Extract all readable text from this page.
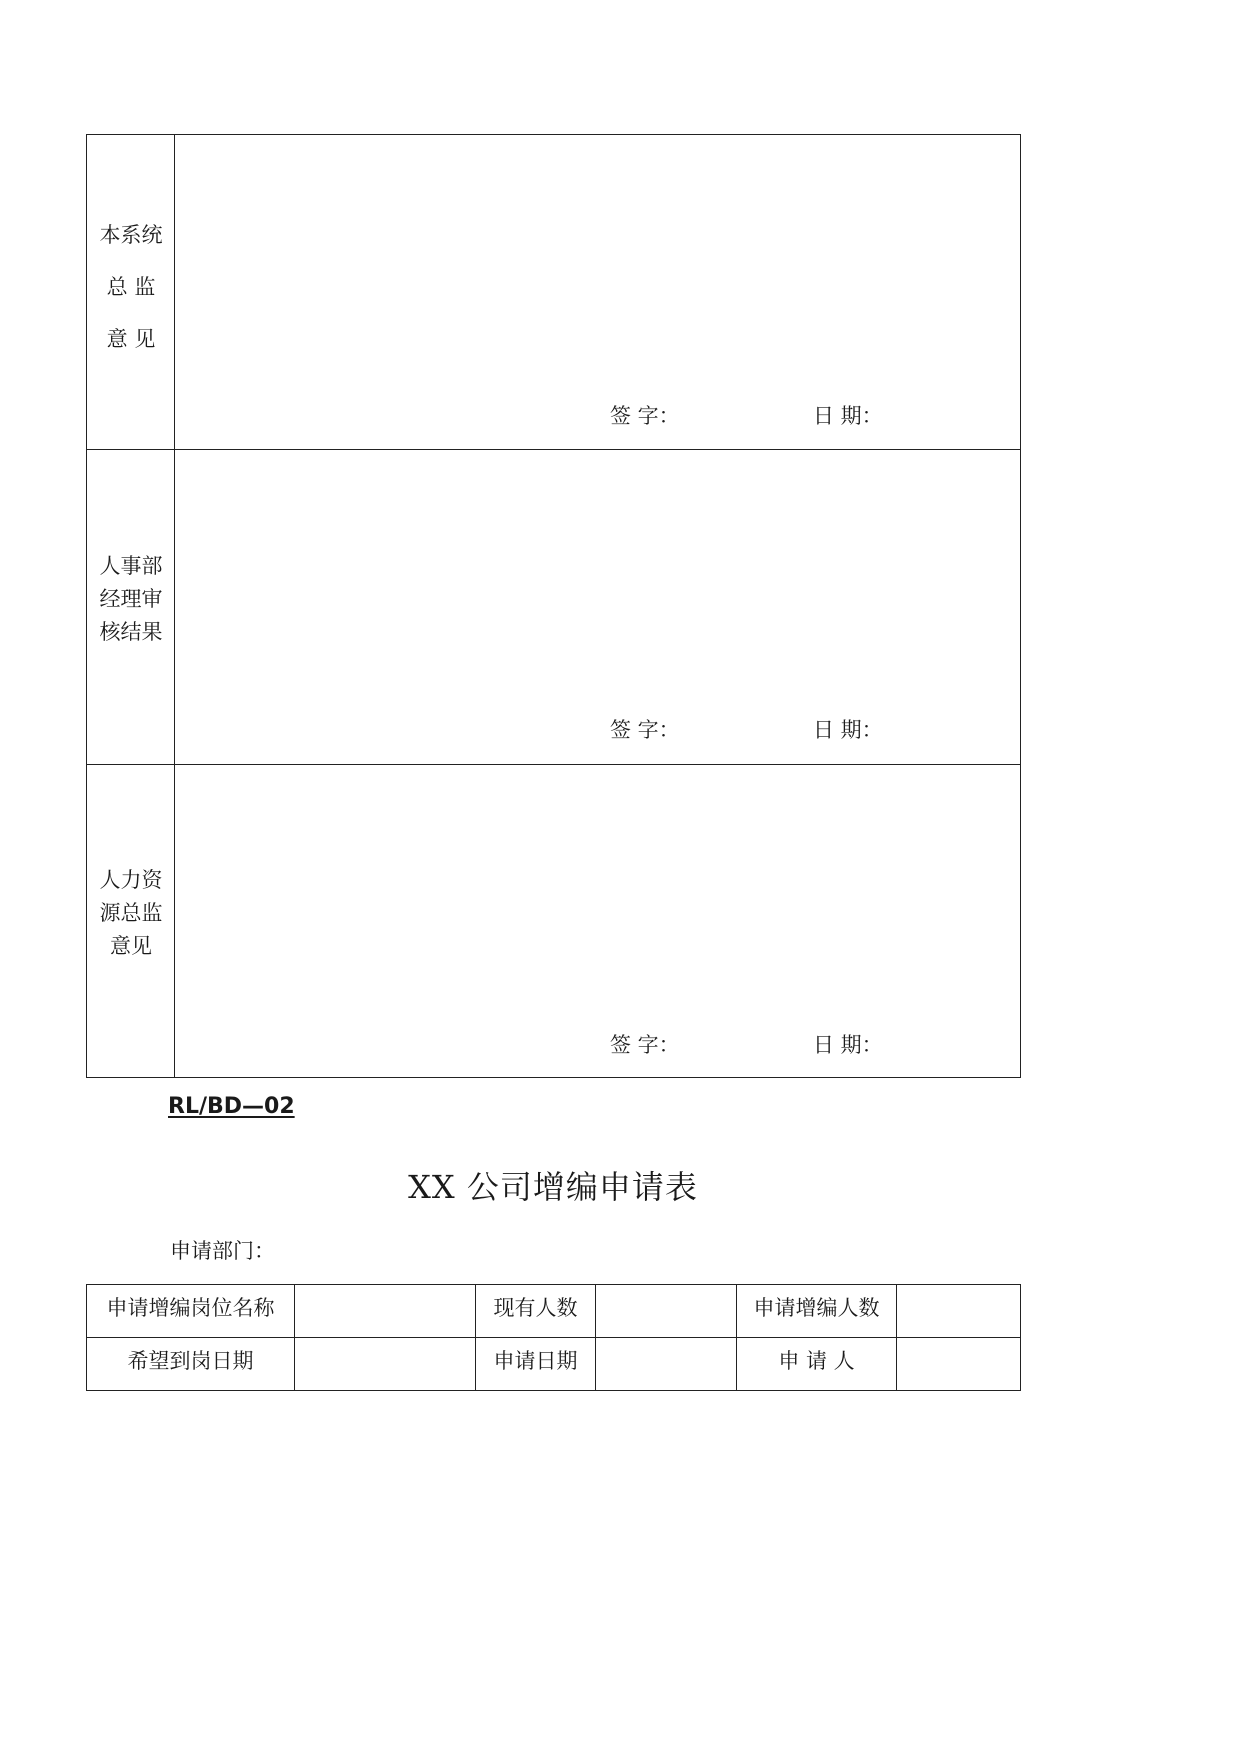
本系统
总 监
意 见
签 字：	日 期：
人事部
经理审
核结果
签 字：	日 期：
人力资
源总监
意见
签 字：	日 期：
RL/BD—02
XX 公司增编申请表
申请部门：
申请增编岗位名称	现有人数	申请增编人数
希望到岗日期	申请日期	申 请 人
